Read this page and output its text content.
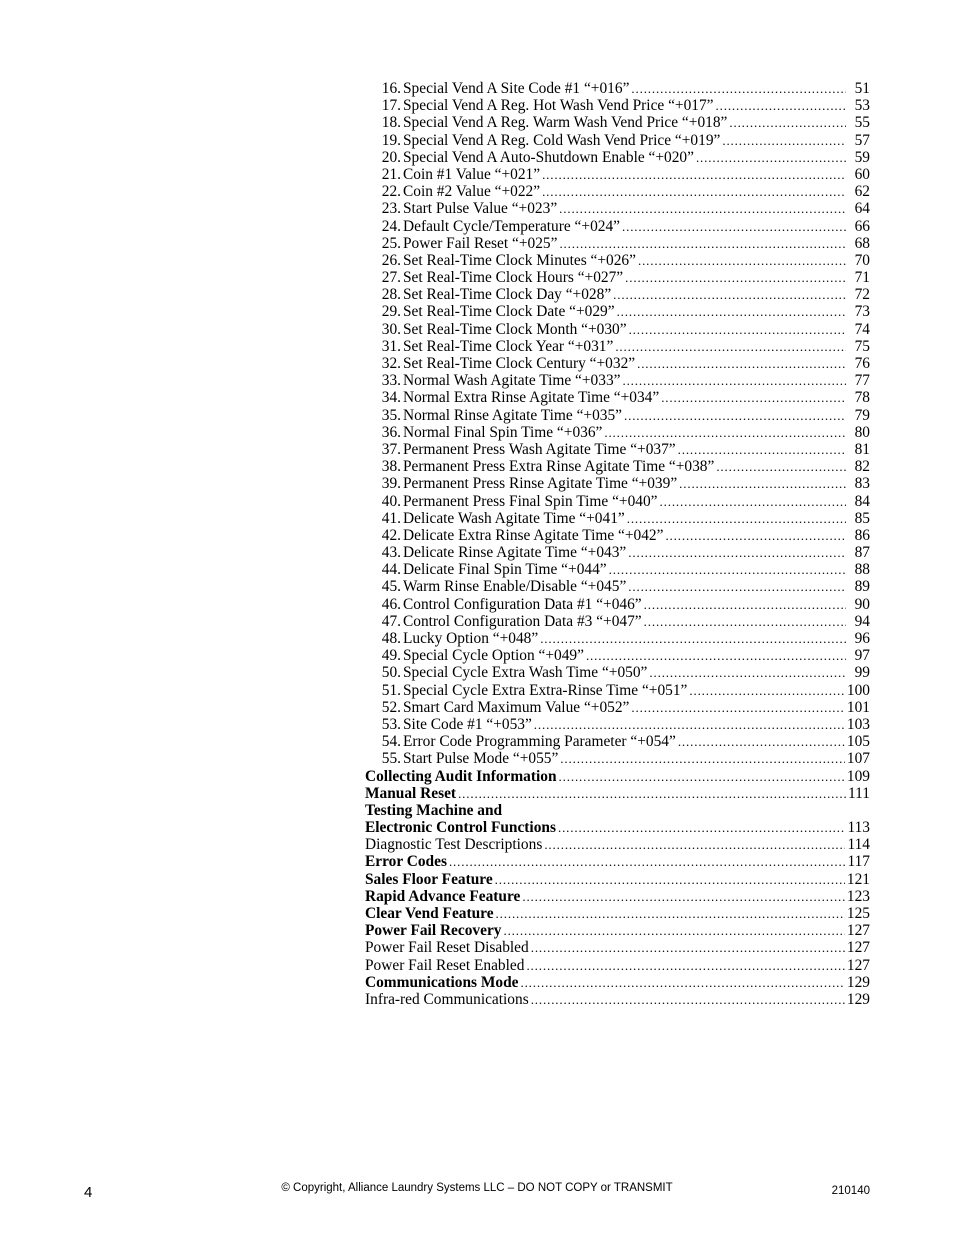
16. Special Vend A Site Code #1 “+016” . . .	51
17. Special Vend A Reg. Hot Wash Vend Price “+017” . . .	53
18. Special Vend A Reg. Warm Wash Vend Price “+018” . . .	55
19. Special Vend A Reg. Cold Wash Vend Price “+019” . . .	57
20. Special Vend A Auto-Shutdown Enable “+020” . . .	59
21. Coin #1 Value “+021” . . .	60
22. Coin #2 Value “+022” . . .	62
23. Start Pulse Value “+023” . . .	64
24. Default Cycle/Temperature “+024” . . .	66
25. Power Fail Reset “+025” . . .	68
26. Set Real-Time Clock Minutes “+026” . . .	70
27. Set Real-Time Clock Hours “+027” . . .	71
28. Set Real-Time Clock Day “+028” . . .	72
29. Set Real-Time Clock Date “+029” . . .	73
30. Set Real-Time Clock Month “+030” . . .	74
31. Set Real-Time Clock Year “+031” . . .	75
32. Set Real-Time Clock Century “+032” . . .	76
33. Normal Wash Agitate Time “+033” . . .	77
34. Normal Extra Rinse Agitate Time “+034” . . .	78
35. Normal Rinse Agitate Time “+035” . . .	79
36. Normal Final Spin Time “+036” . . .	80
37. Permanent Press Wash Agitate Time “+037” . . .	81
38. Permanent Press Extra Rinse Agitate Time “+038” . . .	82
39. Permanent Press Rinse Agitate Time “+039” . . .	83
40. Permanent Press Final Spin Time “+040” . . .	84
41. Delicate Wash Agitate Time “+041” . . .	85
42. Delicate Extra Rinse Agitate Time “+042” . . .	86
43. Delicate Rinse Agitate Time “+043” . . .	87
44. Delicate Final Spin Time “+044” . . .	88
45. Warm Rinse Enable/Disable “+045” . . .	89
46. Control Configuration Data #1 “+046” . . .	90
47. Control Configuration Data #3 “+047” . . .	94
48. Lucky Option “+048” . . .	96
49. Special Cycle Option “+049” . . .	97
50. Special Cycle Extra Wash Time “+050” . . .	99
51. Special Cycle Extra Extra-Rinse Time “+051” . . .	100
52. Smart Card Maximum Value “+052” . . .	101
53. Site Code #1 “+053” . . .	103
54. Error Code Programming Parameter “+054” . . .	105
55. Start Pulse Mode “+055” . . .	107
Collecting Audit Information . . .	109
Manual Reset . . .	111
Testing Machine and
Electronic Control Functions . . .	113
Diagnostic Test Descriptions . . .	114
Error Codes . . .	117
Sales Floor Feature . . .	121
Rapid Advance Feature . . .	123
Clear Vend Feature . . .	125
Power Fail Recovery . . .	127
Power Fail Reset Disabled . . .	127
Power Fail Reset Enabled . . .	127
Communications Mode . . .	129
Infra-red Communications . . .	129
4	© Copyright, Alliance Laundry Systems LLC – DO NOT COPY or TRANSMIT	210140
